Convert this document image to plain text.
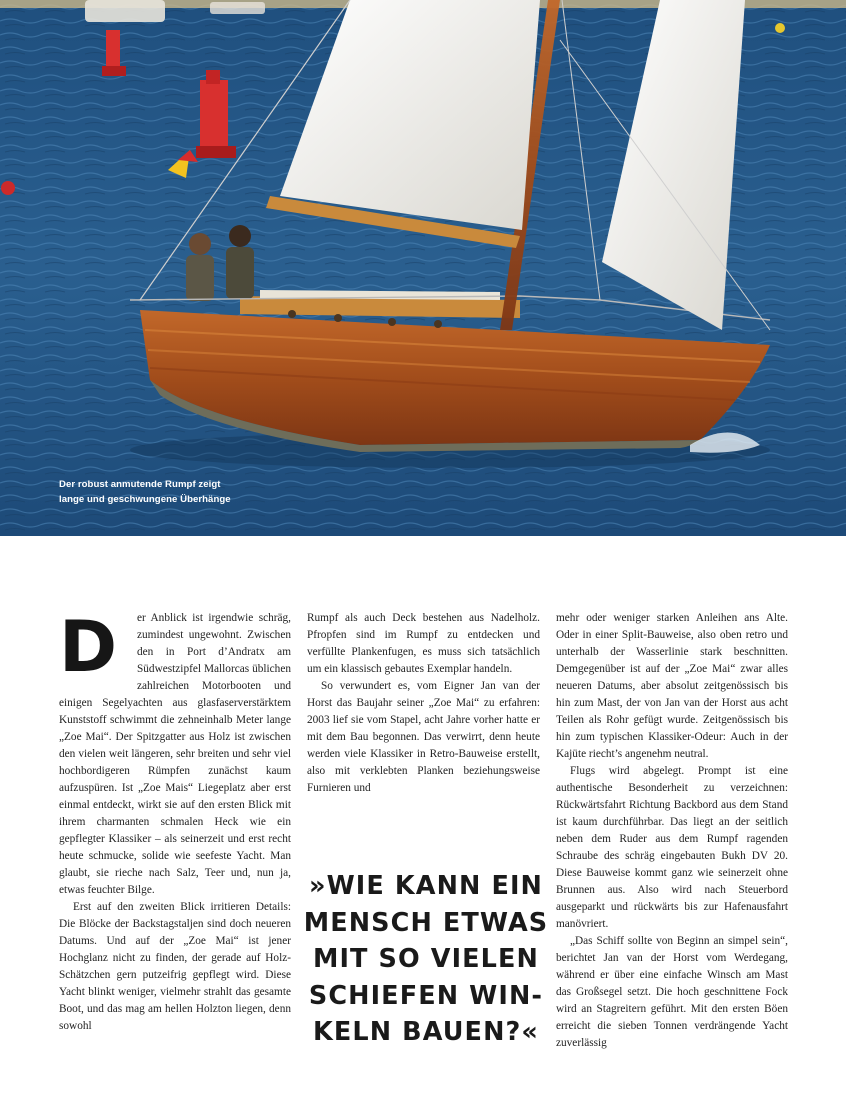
Der robust anmutende Rumpf zeigt
lange und geschwungene Überhänge

D	er Anblick ist irgendwie schräg, zumindest ungewohnt. Zwischen den in Port d’Andratx am Südwestzipfel Mallorcas üblichen zahlreichen Motorbooten und einigen Segelyachten aus glasfaserverstärktem Kunststoff schwimmt die zehneinhalb Meter lange „Zoe Mai“. Der Spitzgatter aus Holz ist zwischen den vielen weit längeren, sehr breiten und sehr viel hochbordigeren Rümpfen zunächst kaum aufzuspüren. Ist „Zoe Mais“ Liegeplatz aber erst einmal entdeckt, wirkt sie auf den ersten Blick mit ihrem charmanten schmalen Heck wie ein gepflegter Klassiker – als seinerzeit und erst recht heute schmucke, solide wie seefeste Yacht. Man glaubt, sie rieche nach Salz, Teer und, nun ja, etwas feuchter Bilge.

Erst auf den zweiten Blick irritieren Details: Die Blöcke der Backstagstaljen sind doch neueren Datums. Und auf der „Zoe Mai“ ist jener Hochglanz nicht zu finden, der gerade auf Holz-Schätzchen gern putzeifrig gepflegt wird. Diese Yacht blinkt weniger, vielmehr strahlt das gesamte Boot, und das mag am hellen Holzton liegen, denn sowohl

Rumpf als auch Deck bestehen aus Nadelholz. Pfropfen sind im Rumpf zu entdecken und verfüllte Plankenfugen, es muss sich tatsächlich um ein klassisch gebautes Exemplar handeln.

So verwundert es, vom Eigner Jan van der Horst das Baujahr seiner „Zoe Mai“ zu erfahren: 2003 lief sie vom Stapel, acht Jahre vorher hatte er mit dem Bau begonnen. Das verwirrt, denn heute werden viele Klassiker in Retro-Bauweise erstellt, also mit verklebten Planken beziehungsweise Furnieren und

»WIE KANN EIN
MENSCH ETWAS
MIT SO VIELEN
SCHIEFEN WIN-
KELN BAUEN?«

mehr oder weniger starken Anleihen ans Alte. Oder in einer Split-Bauweise, also oben retro und unterhalb der Wasserlinie stark beschnitten. Demgegenüber ist auf der „Zoe Mai“ zwar alles neueren Datums, aber absolut zeitgenössisch bis hin zum Mast, der von Jan van der Horst aus acht Teilen als Rohr gefügt wurde. Zeitgenössisch bis hin zum typischen Klassiker-Odeur: Auch in der Kajüte riecht’s angenehm neutral.

Flugs wird abgelegt. Prompt ist eine authentische Besonderheit zu verzeichnen: Rückwärtsfahrt Richtung Backbord aus dem Stand ist kaum durchführbar. Das liegt an der seitlich neben dem Ruder aus dem Rumpf ragenden Schraube des schräg eingebauten Bukh DV 20. Diese Bauweise kommt ganz wie seinerzeit ohne Brunnen aus. Also wird nach Steuerbord ausgeparkt und rückwärts bis zur Hafenausfahrt manövriert.

„Das Schiff sollte von Beginn an simpel sein“, berichtet Jan van der Horst vom Werdegang, während er über eine einfache Winsch am Mast das Großsegel setzt. Die hoch geschnittene Fock wird an Stagreitern geführt. Mit den ersten Böen erreicht die sieben Tonnen verdrängende Yacht zuverlässig
